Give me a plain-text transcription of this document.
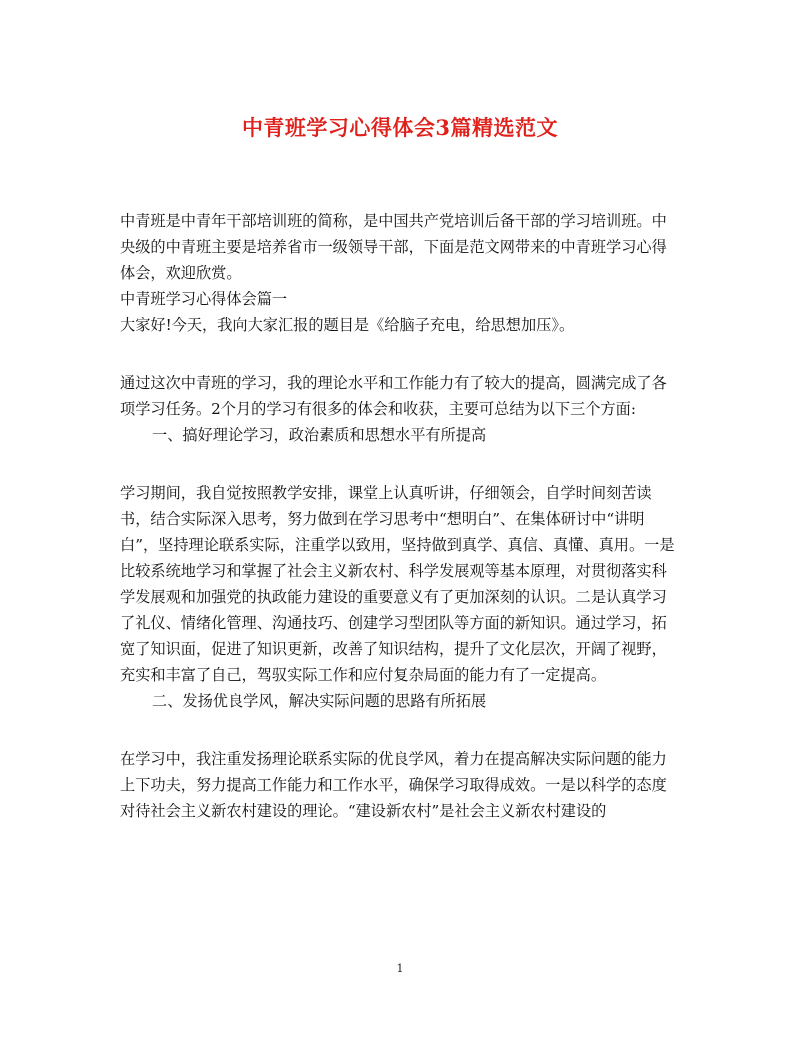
中青班学习心得体会3篇精选范文

中青班是中青年干部培训班的简称，是中国共产党培训后备干部的学习培训班。中央级的中青班主要是培养省市一级领导干部，下面是范文网带来的中青班学习心得体会，欢迎欣赏。

中青班学习心得体会篇一

大家好!今天，我向大家汇报的题目是《给脑子充电，给思想加压》。

通过这次中青班的学习，我的理论水平和工作能力有了较大的提高，圆满完成了各项学习任务。2个月的学习有很多的体会和收获，主要可总结为以下三个方面:

一、搞好理论学习，政治素质和思想水平有所提高

学习期间，我自觉按照教学安排，课堂上认真听讲，仔细领会，自学时间刻苦读书，结合实际深入思考，努力做到在学习思考中“想明白”、在集体研讨中“讲明白”，坚持理论联系实际，注重学以致用，坚持做到真学、真信、真懂、真用。一是比较系统地学习和掌握了社会主义新农村、科学发展观等基本原理，对贯彻落实科学发展观和加强党的执政能力建设的重要意义有了更加深刻的认识。二是认真学习了礼仪、情绪化管理、沟通技巧、创建学习型团队等方面的新知识。通过学习，拓宽了知识面，促进了知识更新，改善了知识结构，提升了文化层次，开阔了视野，充实和丰富了自己，驾驭实际工作和应付复杂局面的能力有了一定提高。

二、发扬优良学风，解决实际问题的思路有所拓展

在学习中，我注重发扬理论联系实际的优良学风，着力在提高解决实际问题的能力上下功夫，努力提高工作能力和工作水平，确保学习取得成效。一是以科学的态度对待社会主义新农村建设的理论。“建设新农村”是社会主义新农村建设的

1
